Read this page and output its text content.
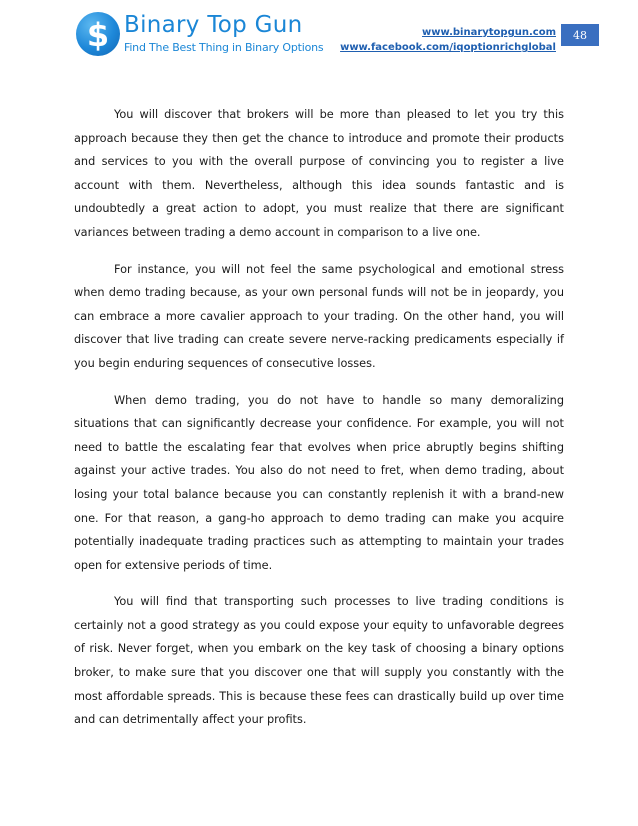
$ Binary Top Gun
Find The Best Thing in Binary Options
www.binarytopgun.com
www.facebook.com/iqoptionrichglobal
48

You will discover that brokers will be more than pleased to let you try this approach because they then get the chance to introduce and promote their products and services to you with the overall purpose of convincing you to register a live account with them. Nevertheless, although this idea sounds fantastic and is undoubtedly a great action to adopt, you must realize that there are significant variances between trading a demo account in comparison to a live one.

For instance, you will not feel the same psychological and emotional stress when demo trading because, as your own personal funds will not be in jeopardy, you can embrace a more cavalier approach to your trading. On the other hand, you will discover that live trading can create severe nerve-racking predicaments especially if you begin enduring sequences of consecutive losses.

When demo trading, you do not have to handle so many demoralizing situations that can significantly decrease your confidence. For example, you will not need to battle the escalating fear that evolves when price abruptly begins shifting against your active trades. You also do not need to fret, when demo trading, about losing your total balance because you can constantly replenish it with a brand-new one. For that reason, a gang-ho approach to demo trading can make you acquire potentially inadequate trading practices such as attempting to maintain your trades open for extensive periods of time.

You will find that transporting such processes to live trading conditions is certainly not a good strategy as you could expose your equity to unfavorable degrees of risk. Never forget, when you embark on the key task of choosing a binary options broker, to make sure that you discover one that will supply you constantly with the most affordable spreads. This is because these fees can drastically build up over time and can detrimentally affect your profits.
